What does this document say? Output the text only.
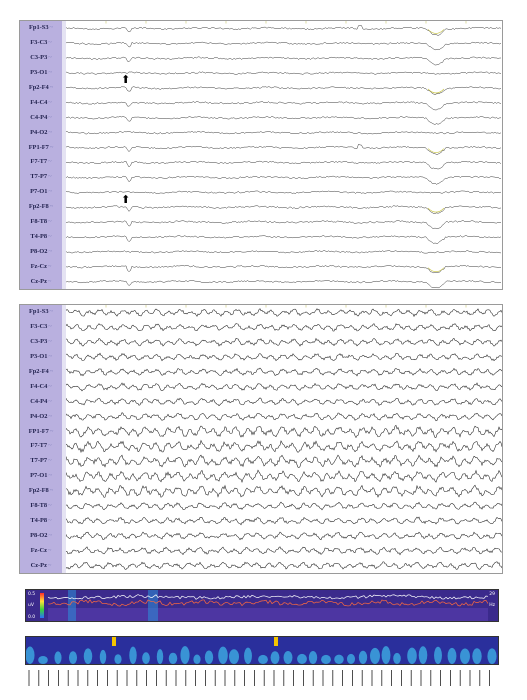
Fp1-S3~
F3-C3~
C3-P3~
P3-O1~
Fp2-F4~
F4-C4~
C4-P4~
P4-O2~
FP1-F7~
F7-T7~
T7-P7~
P7-O1~
Fp2-F8~
F8-T8~
T4-P8~
P8-O2~
Fz-Cz~
Cz-Pz~
⬆
⬆
Fp1-S3~
F3-C3~
C3-P3~
P3-O1~
Fp2-F4~
F4-C4~
C4-P4~
P4-O2~
FP1-F7~
F7-T7~
T7-P7~
P7-O1~
Fp2-F8~
F8-T8~
T4-P8~
P8-O2~
Fz-Cz~
Cz-Pz~
0.5
uV
0.0
29
Hz
